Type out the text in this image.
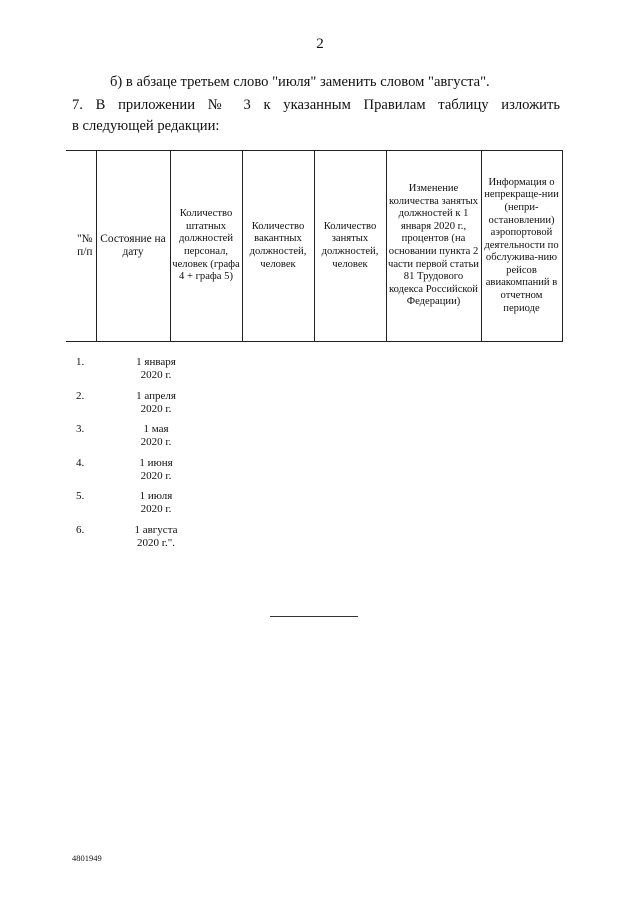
2
б) в абзаце третьем слово "июля" заменить словом "августа".
7. В приложении № 3 к указанным Правилам таблицу изложить
в следующей редакции:
"№ п/п	Состояние на дату	Количество штатных должностей персонал, человек (графа 4 + графа 5)	Количество вакантных должностей, человек	Количество занятых должностей, человек	Изменение количества занятых должностей к 1 января 2020 г., процентов (на основании пункта 2 части первой статьи 81 Трудового кодекса Российской Федерации)	Информация о непрекраще-нии (непри-остановлении) аэропортовой деятельности по обслужива-нию рейсов авиакомпаний в отчетном периоде
1.	1 января
2020 г.
2.	1 апреля
2020 г.
3.	1 мая
2020 г.
4.	1 июня
2020 г.
5.	1 июля
2020 г.
6.	1 августа
2020 г.".
4801949
